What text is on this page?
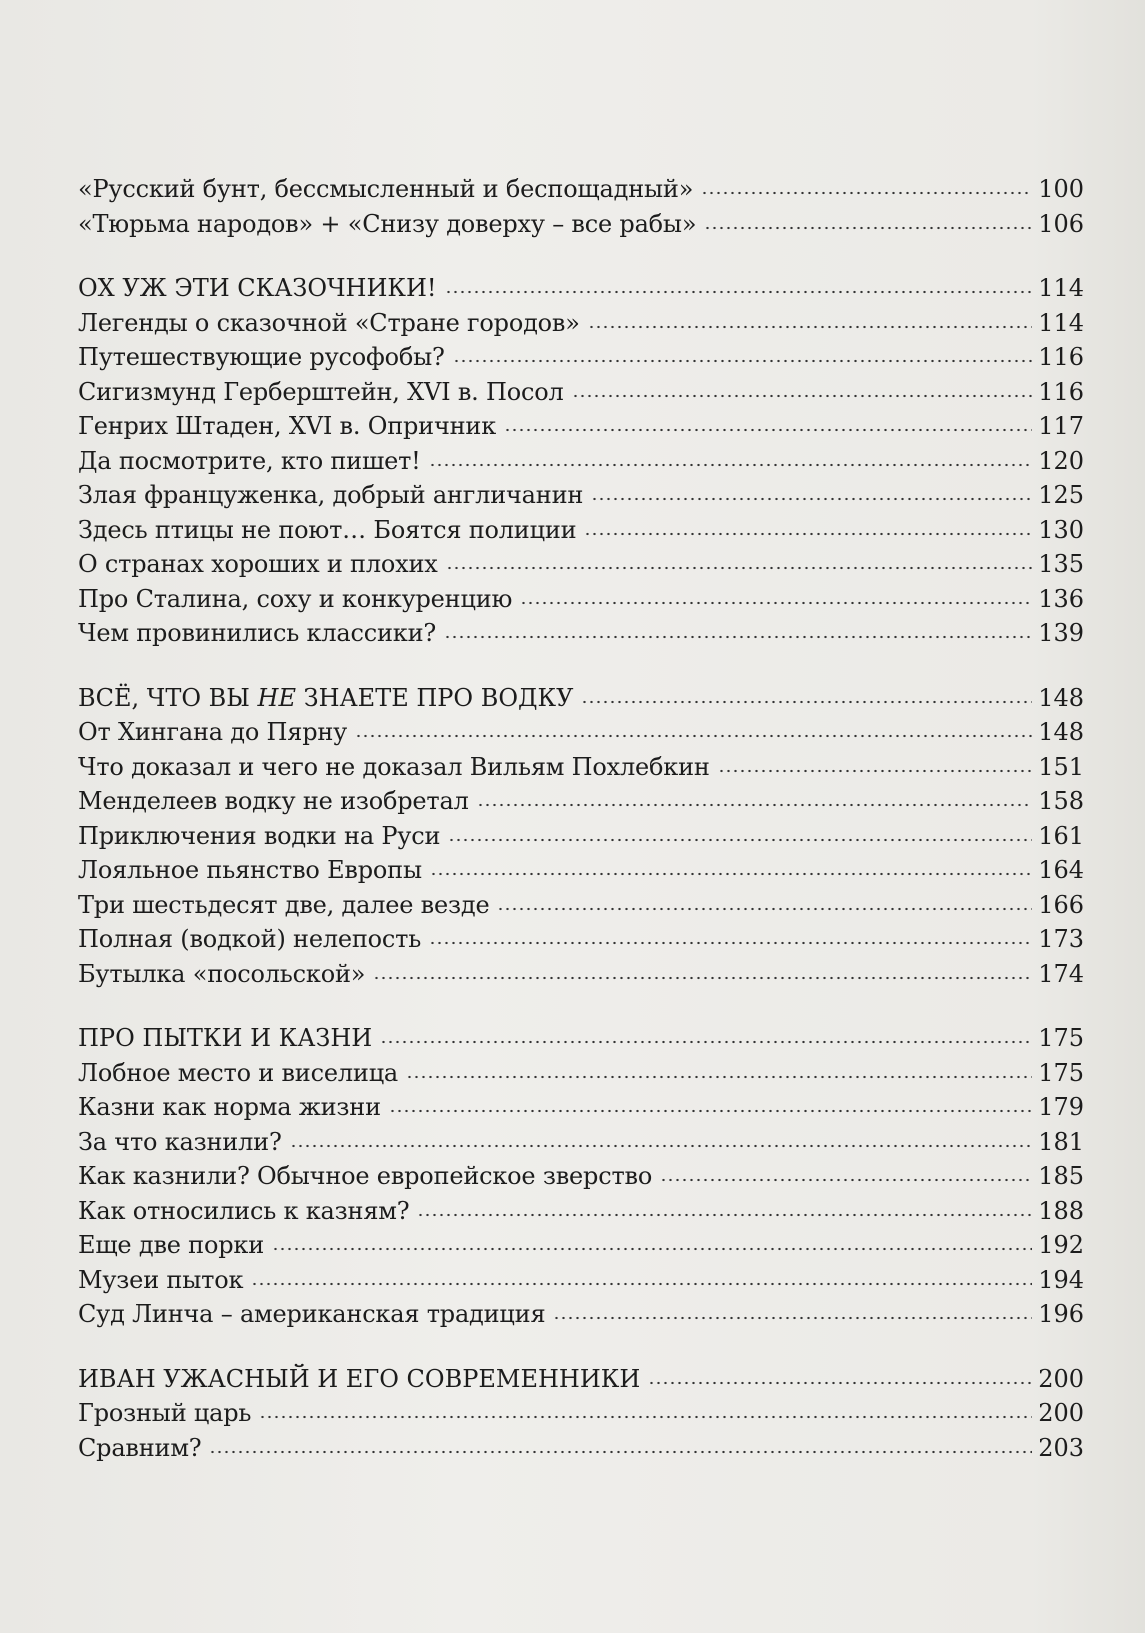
«Русский бунт, бессмысленный и беспощадный»	100
«Тюрьма народов» + «Снизу доверху – все рабы»	106
ОХ УЖ ЭТИ СКАЗОЧНИКИ!	114
Легенды о сказочной «Стране городов»	114
Путешествующие русофобы?	116
Сигизмунд Герберштейн, XVI в. Посол	116
Генрих Штаден, XVI в. Опричник	117
Да посмотрите, кто пишет!	120
Злая француженка, добрый англичанин	125
Здесь птицы не поют… Боятся полиции	130
О странах хороших и плохих	135
Про Сталина, соху и конкуренцию	136
Чем провинились классики?	139
ВСЁ, ЧТО ВЫ НЕ ЗНАЕТЕ ПРО ВОДКУ	148
От Хингана до Пярну	148
Что доказал и чего не доказал Вильям Похлебкин	151
Менделеев водку не изобретал	158
Приключения водки на Руси	161
Лояльное пьянство Европы	164
Три шестьдесят две, далее везде	166
Полная (водкой) нелепость	173
Бутылка «посольской»	174
ПРО ПЫТКИ И КАЗНИ	175
Лобное место и виселица	175
Казни как норма жизни	179
За что казнили?	181
Как казнили? Обычное европейское зверство	185
Как относились к казням?	188
Еще две порки	192
Музеи пыток	194
Суд Линча – американская традиция	196
ИВАН УЖАСНЫЙ И ЕГО СОВРЕМЕННИКИ	200
Грозный царь	200
Сравним?	203
